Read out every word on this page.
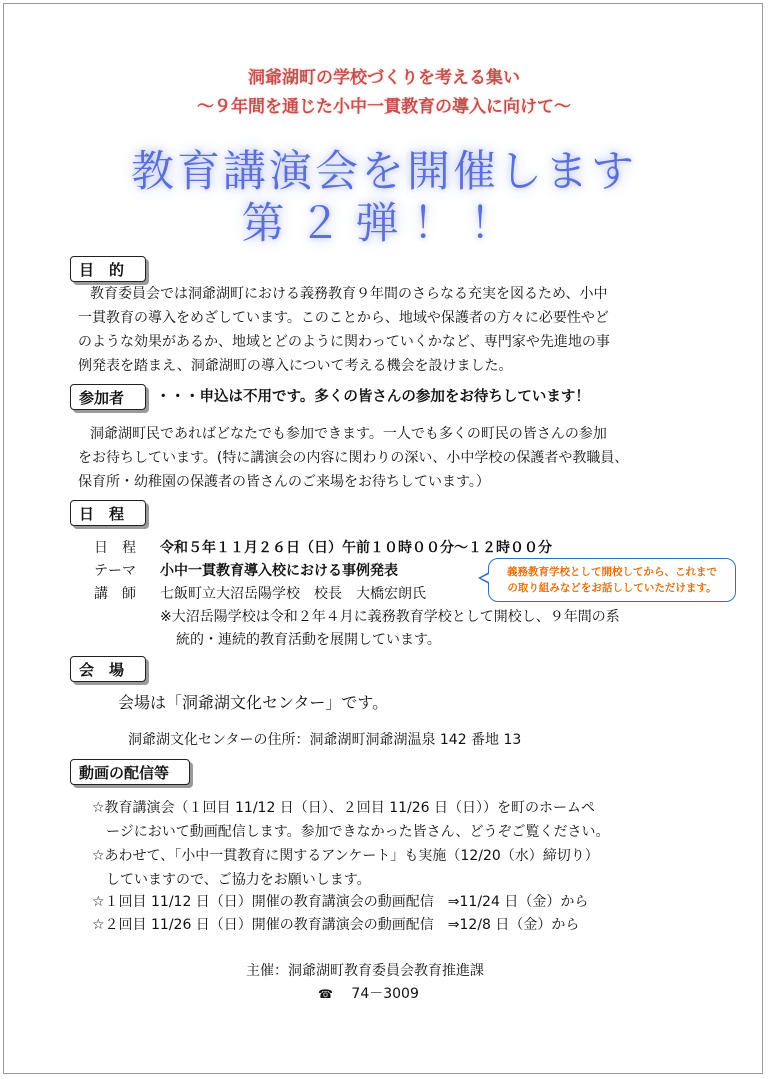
洞爺湖町の学校づくりを考える集い
～９年間を通じた小中一貫教育の導入に向けて～
教育講演会を開催します
第２弾！！
目　的
教育委員会では洞爺湖町における義務教育９年間のさらなる充実を図るため、小中
一貫教育の導入をめざしています。このことから、地域や保護者の方々に必要性やど
のような効果があるか、地域とどのように関わっていくかなど、専門家や先進地の事
例発表を踏まえ、洞爺湖町の導入について考える機会を設けました。
参加者	・・・申込は不用です。多くの皆さんの参加をお待ちしています！
洞爺湖町民であればどなたでも参加できます。一人でも多くの町民の皆さんの参加
をお待ちしています。(特に講演会の内容に関わりの深い、小中学校の保護者や教職員、
保育所・幼稚園の保護者の皆さんのご来場をお待ちしています。）
日　程
日　程 令和５年１１月２６日（日）午前１０時００分～１２時００分
テーマ 小中一貫教育導入校における事例発表
講　師 七飯町立大沼岳陽学校　校長　大橋宏朗氏
※大沼岳陽学校は令和２年４月に義務教育学校として開校し、９年間の系
統的・連続的教育活動を展開しています。
義務教育学校として開校してから、これまで
の取り組みなどをお話ししていただけます。
会　場
会場は「洞爺湖文化センター」です。
洞爺湖文化センターの住所：洞爺湖町洞爺湖温泉 142 番地 13
動画の配信等
☆教育講演会（１回目 11/12 日（日）、２回目 11/26 日（日））を町のホームペ
ージにおいて動画配信します。参加できなかった皆さん、どうぞご覧ください。
☆あわせて、「小中一貫教育に関するアンケート」も実施（12/20（水）締切り）
していますので、ご協力をお願いします。
☆１回目 11/12 日（日）開催の教育講演会の動画配信　⇒11/24 日（金）から
☆２回目 11/26 日（日）開催の教育講演会の動画配信　⇒12/8 日（金）から
主催：洞爺湖町教育委員会教育推進課
☎ 74－3009
